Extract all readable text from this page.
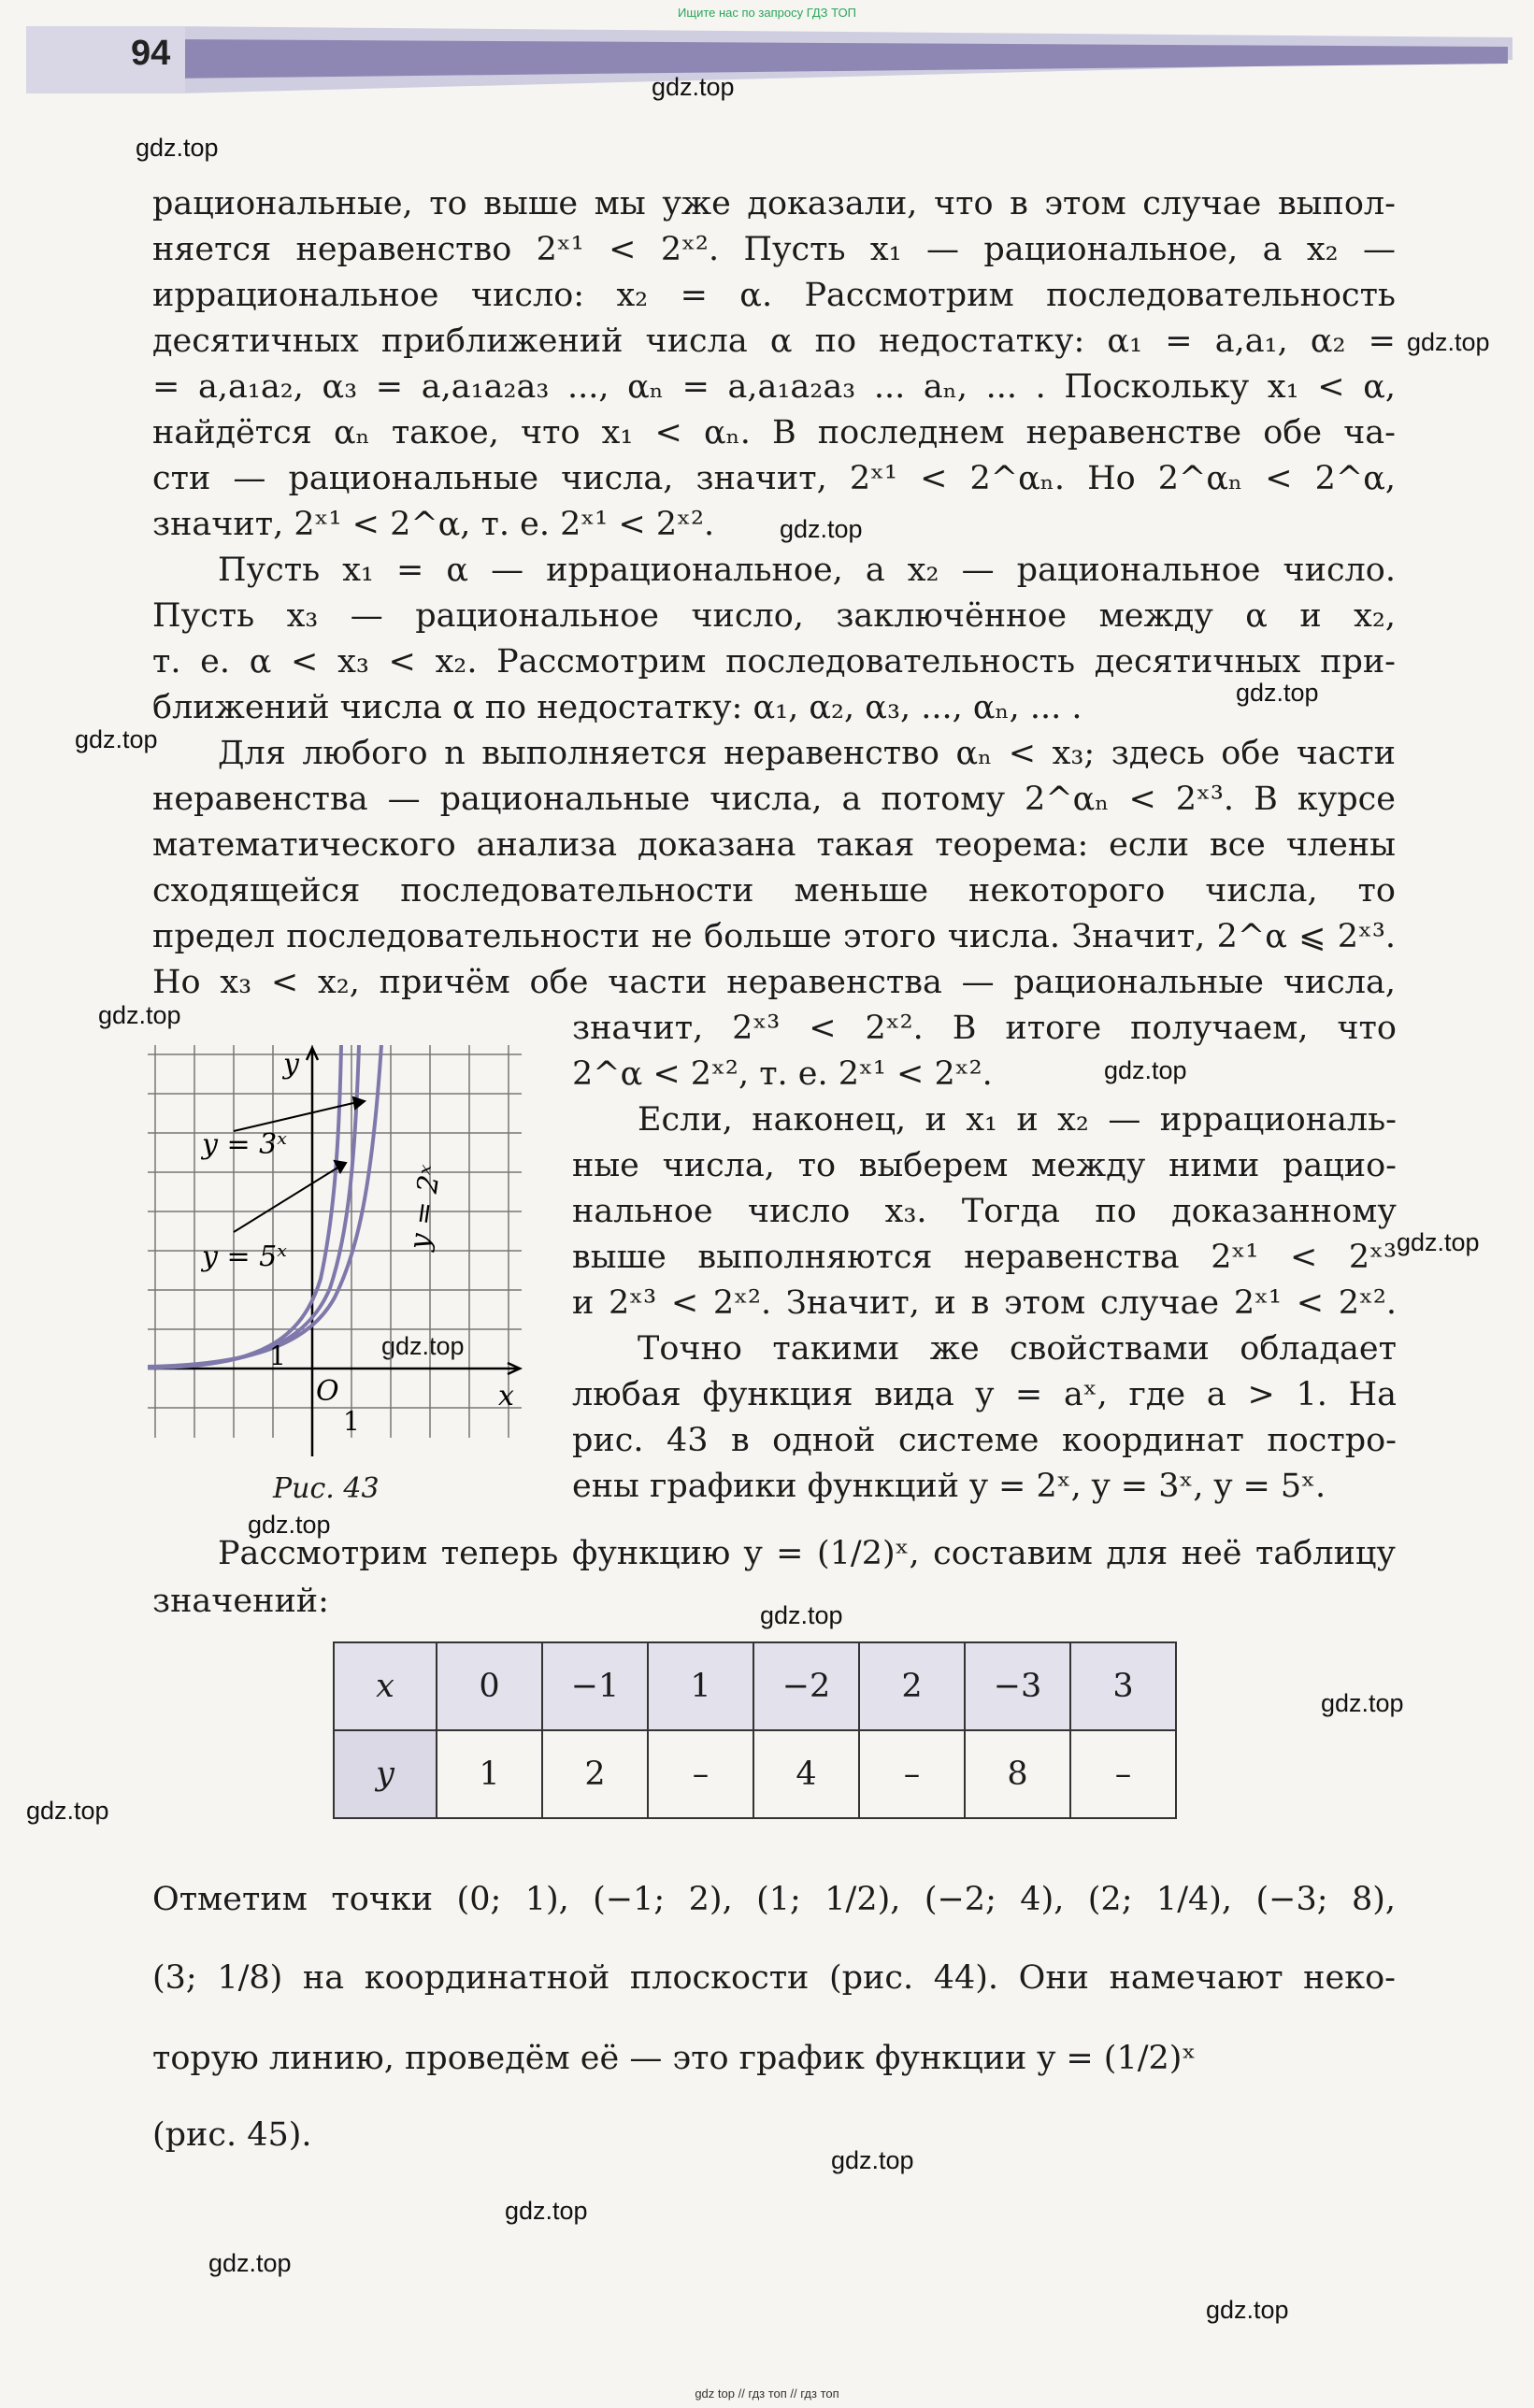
Ищите нас по запросу ГДЗ ТОП
94
gdz.top
gdz.top
gdz.top
gdz.top
gdz.top
gdz.top
gdz.top
gdz.top
gdz.top
gdz.top
gdz.top
gdz.top
gdz.top
gdz.top
gdz.top
gdz.top
gdz.top
gdz.top
рациональные, то выше мы уже доказали, что в этом случае выпол-
няется неравенство 2ˣ¹ < 2ˣ². Пусть x₁ — рациональное, а x₂ —
иррациональное число: x₂ = α. Рассмотрим последовательность
десятичных приближений числа α по недостатку: α₁ = a,a₁, α₂ =
= a,a₁a₂, α₃ = a,a₁a₂a₃ ..., αₙ = a,a₁a₂a₃ ... aₙ, ... . Поскольку x₁ < α,
найдётся αₙ такое, что x₁ < αₙ. В последнем неравенстве обе ча-
сти — рациональные числа, значит, 2ˣ¹ < 2^αₙ. Но 2^αₙ < 2^α,
значит, 2ˣ¹ < 2^α, т. е. 2ˣ¹ < 2ˣ².
Пусть x₁ = α — иррациональное, а x₂ — рациональное число.
Пусть x₃ — рациональное число, заключённое между α и x₂,
т. е. α < x₃ < x₂. Рассмотрим последовательность десятичных при-
ближений числа α по недостатку: α₁, α₂, α₃, ..., αₙ, ... .
Для любого n выполняется неравенство αₙ < x₃; здесь обе части
неравенства — рациональные числа, а потому 2^αₙ < 2ˣ³. В курсе
математического анализа доказана такая теорема: если все члены
сходящейся последовательности меньше некоторого числа, то
предел последовательности не больше этого числа. Значит, 2^α ⩽ 2ˣ³.
Но x₃ < x₂, причём обе части неравенства — рациональные числа,
значит, 2ˣ³ < 2ˣ². В итоге получаем, что
2^α < 2ˣ², т. е. 2ˣ¹ < 2ˣ².
Если, наконец, и x₁ и x₂ — иррациональ-
ные числа, то выберем между ними рацио-
нальное число x₃. Тогда по доказанному
выше выполняются неравенства 2ˣ¹ < 2ˣ³
и 2ˣ³ < 2ˣ². Значит, и в этом случае 2ˣ¹ < 2ˣ².
Точно такими же свойствами обладает
любая функция вида y = aˣ, где a > 1. На
рис. 43 в одной системе координат постро-
ены графики функций y = 2ˣ, y = 3ˣ, y = 5ˣ.
Рассмотрим теперь функцию y = (1/2)ˣ, составим для неё таблицу
значений:
Отметим точки (0; 1), (−1; 2), (1; 1/2), (−2; 4), (2; 1/4), (−3; 8),
(3; 1/8) на координатной плоскости (рис. 44). Они намечают неко-
торую линию, проведём её — это график функции y = (1/2)ˣ
(рис. 45).
y
x
O
1
1
y = 3ˣ
y = 5ˣ
y = 2ˣ
Рис. 43
x	0	−1	1	−2	2	−3	3
y	1	2	–	4	–	8	–
gdz top // гдз топ // гдз топ
